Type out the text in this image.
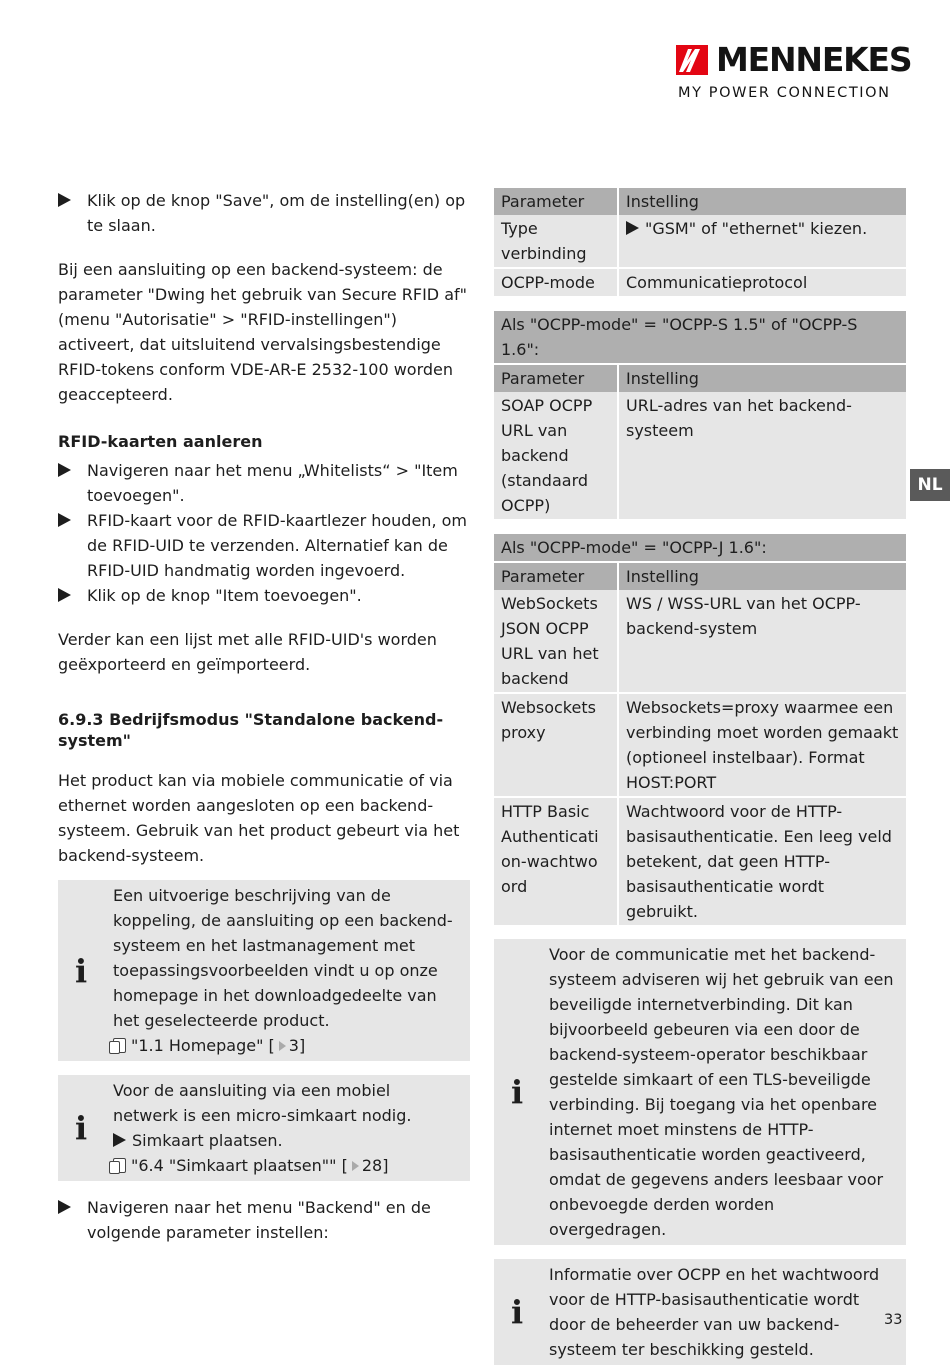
MENNEKES
MY POWER CONNECTION
NL
Klik op de knop "Save", om de instelling(en) op te slaan.

Bij een aansluiting op een backend-systeem: de parameter "Dwing het gebruik van Secure RFID af" (menu "Autorisatie" > "RFID-instellingen") activeert, dat uitsluitend vervalsingsbestendige RFID-tokens conform VDE-AR-E 2532-100 worden geaccepteerd.

RFID-kaarten aanleren

Navigeren naar het menu „Whitelists“ > "Item toevoegen".
RFID-kaart voor de RFID-kaartlezer houden, om de RFID-UID te verzenden. Alternatief kan de RFID-UID handmatig worden ingevoerd.
Klik op de knop "Item toevoegen".

Verder kan een lijst met alle RFID-UID's worden geëxporteerd en geïmporteerd.

6.9.3 Bedrijfsmodus "Standalone backend-system"

Het product kan via mobiele communicatie of via ethernet worden aangesloten op een backend-systeem. Gebruik van het product gebeurt via het backend-systeem.

i
Een uitvoerige beschrijving van de koppeling, de aansluiting op een backend-systeem en het lastmanagement met toepassingsvoorbeelden vindt u op onze homepage in het downloadgedeelte van het geselecteerde product.
"1.1 Homepage" [ 3]
i
Voor de aansluiting via een mobiel netwerk is een micro-simkaart nodig.
Simkaart plaatsen.
"6.4 "Simkaart plaatsen"" [ 28]
Navigeren naar het menu "Backend" en de volgende parameter instellen:
Parameter	Instelling
Type verbinding	"GSM" of "ethernet" kiezen.

OCPP-mode	Communicatieprotocol
Als "OCPP-mode" = "OCPP-S 1.5" of "OCPP-S 1.6":	

Parameter	Instelling
SOAP OCPP URL van backend (standaard OCPP)	URL-adres van het backend-systeem
Als "OCPP-mode" = "OCPP-J 1.6":	

Parameter	Instelling
WebSockets JSON OCPP URL van het backend	WS / WSS-URL van het OCPP-backend-system

Websockets proxy	Websockets=proxy waarmee een verbinding moet worden gemaakt (optioneel instelbaar). Format HOST:PORT

HTTP Basic Authentication-wachtwoord	Wachtwoord voor de HTTP-basisauthenticatie. Een leeg veld betekent, dat geen HTTP-basisauthenticatie wordt gebruikt.
i
Voor de communicatie met het backend-systeem adviseren wij het gebruik van een beveiligde internetverbinding. Dit kan bijvoorbeeld gebeuren via een door de backend-systeem-operator beschikbaar gestelde simkaart of een TLS-beveiligde verbinding. Bij toegang via het openbare internet moet minstens de HTTP-basisauthenticatie worden geactiveerd, omdat de gegevens anders leesbaar voor onbevoegde derden worden overgedragen.
i
Informatie over OCPP en het wachtwoord voor de HTTP-basisauthenticatie wordt door de beheerder van uw backend-systeem ter beschikking gesteld.
33
